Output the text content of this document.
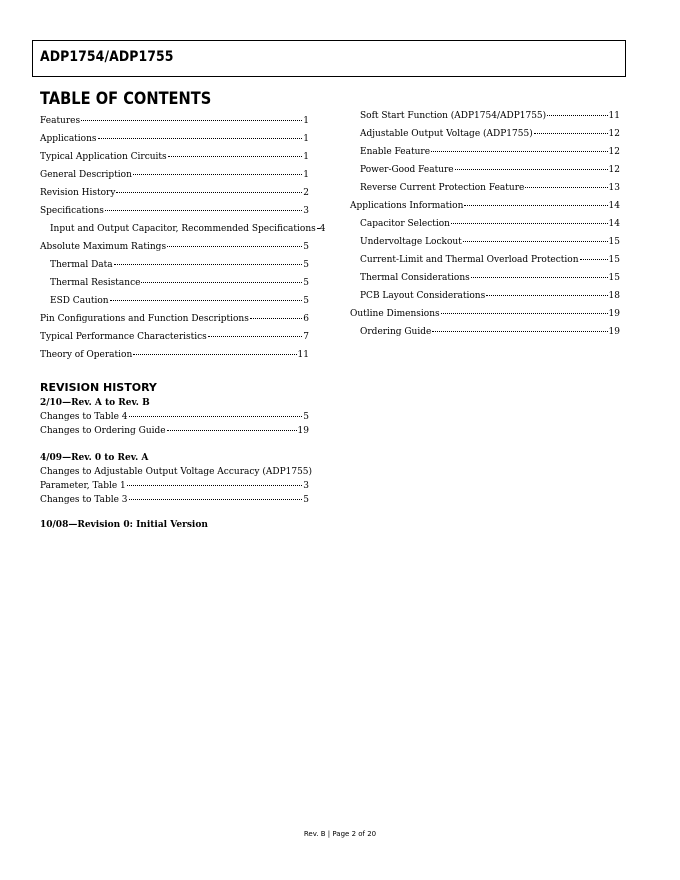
ADP1754/ADP1755
TABLE OF CONTENTS
Features	1
Applications	1
Typical Application Circuits	1
General Description	1
Revision History	2
Specifications	3
Input and Output Capacitor, Recommended Specifications 4
Absolute Maximum Ratings	5
Thermal Data	5
Thermal Resistance	5
ESD Caution	5
Pin Configurations and Function Descriptions	6
Typical Performance Characteristics	7
Theory of Operation	11
Soft Start Function (ADP1754/ADP1755)	11
Adjustable Output Voltage (ADP1755)	12
Enable Feature	12
Power-Good Feature	12
Reverse Current Protection Feature	13
Applications Information	14
Capacitor Selection	14
Undervoltage Lockout	15
Current-Limit and Thermal Overload Protection	15
Thermal Considerations	15
PCB Layout Considerations	18
Outline Dimensions	19
Ordering Guide	19
REVISION HISTORY
2/10—Rev. A to Rev. B
Changes to Table 4	5
Changes to Ordering Guide	19
4/09—Rev. 0 to Rev. A
Changes to Adjustable Output Voltage Accuracy (ADP1755)
Parameter, Table 1	3
Changes to Table 3	5
10/08—Revision 0: Initial Version
Rev. B | Page 2 of 20
